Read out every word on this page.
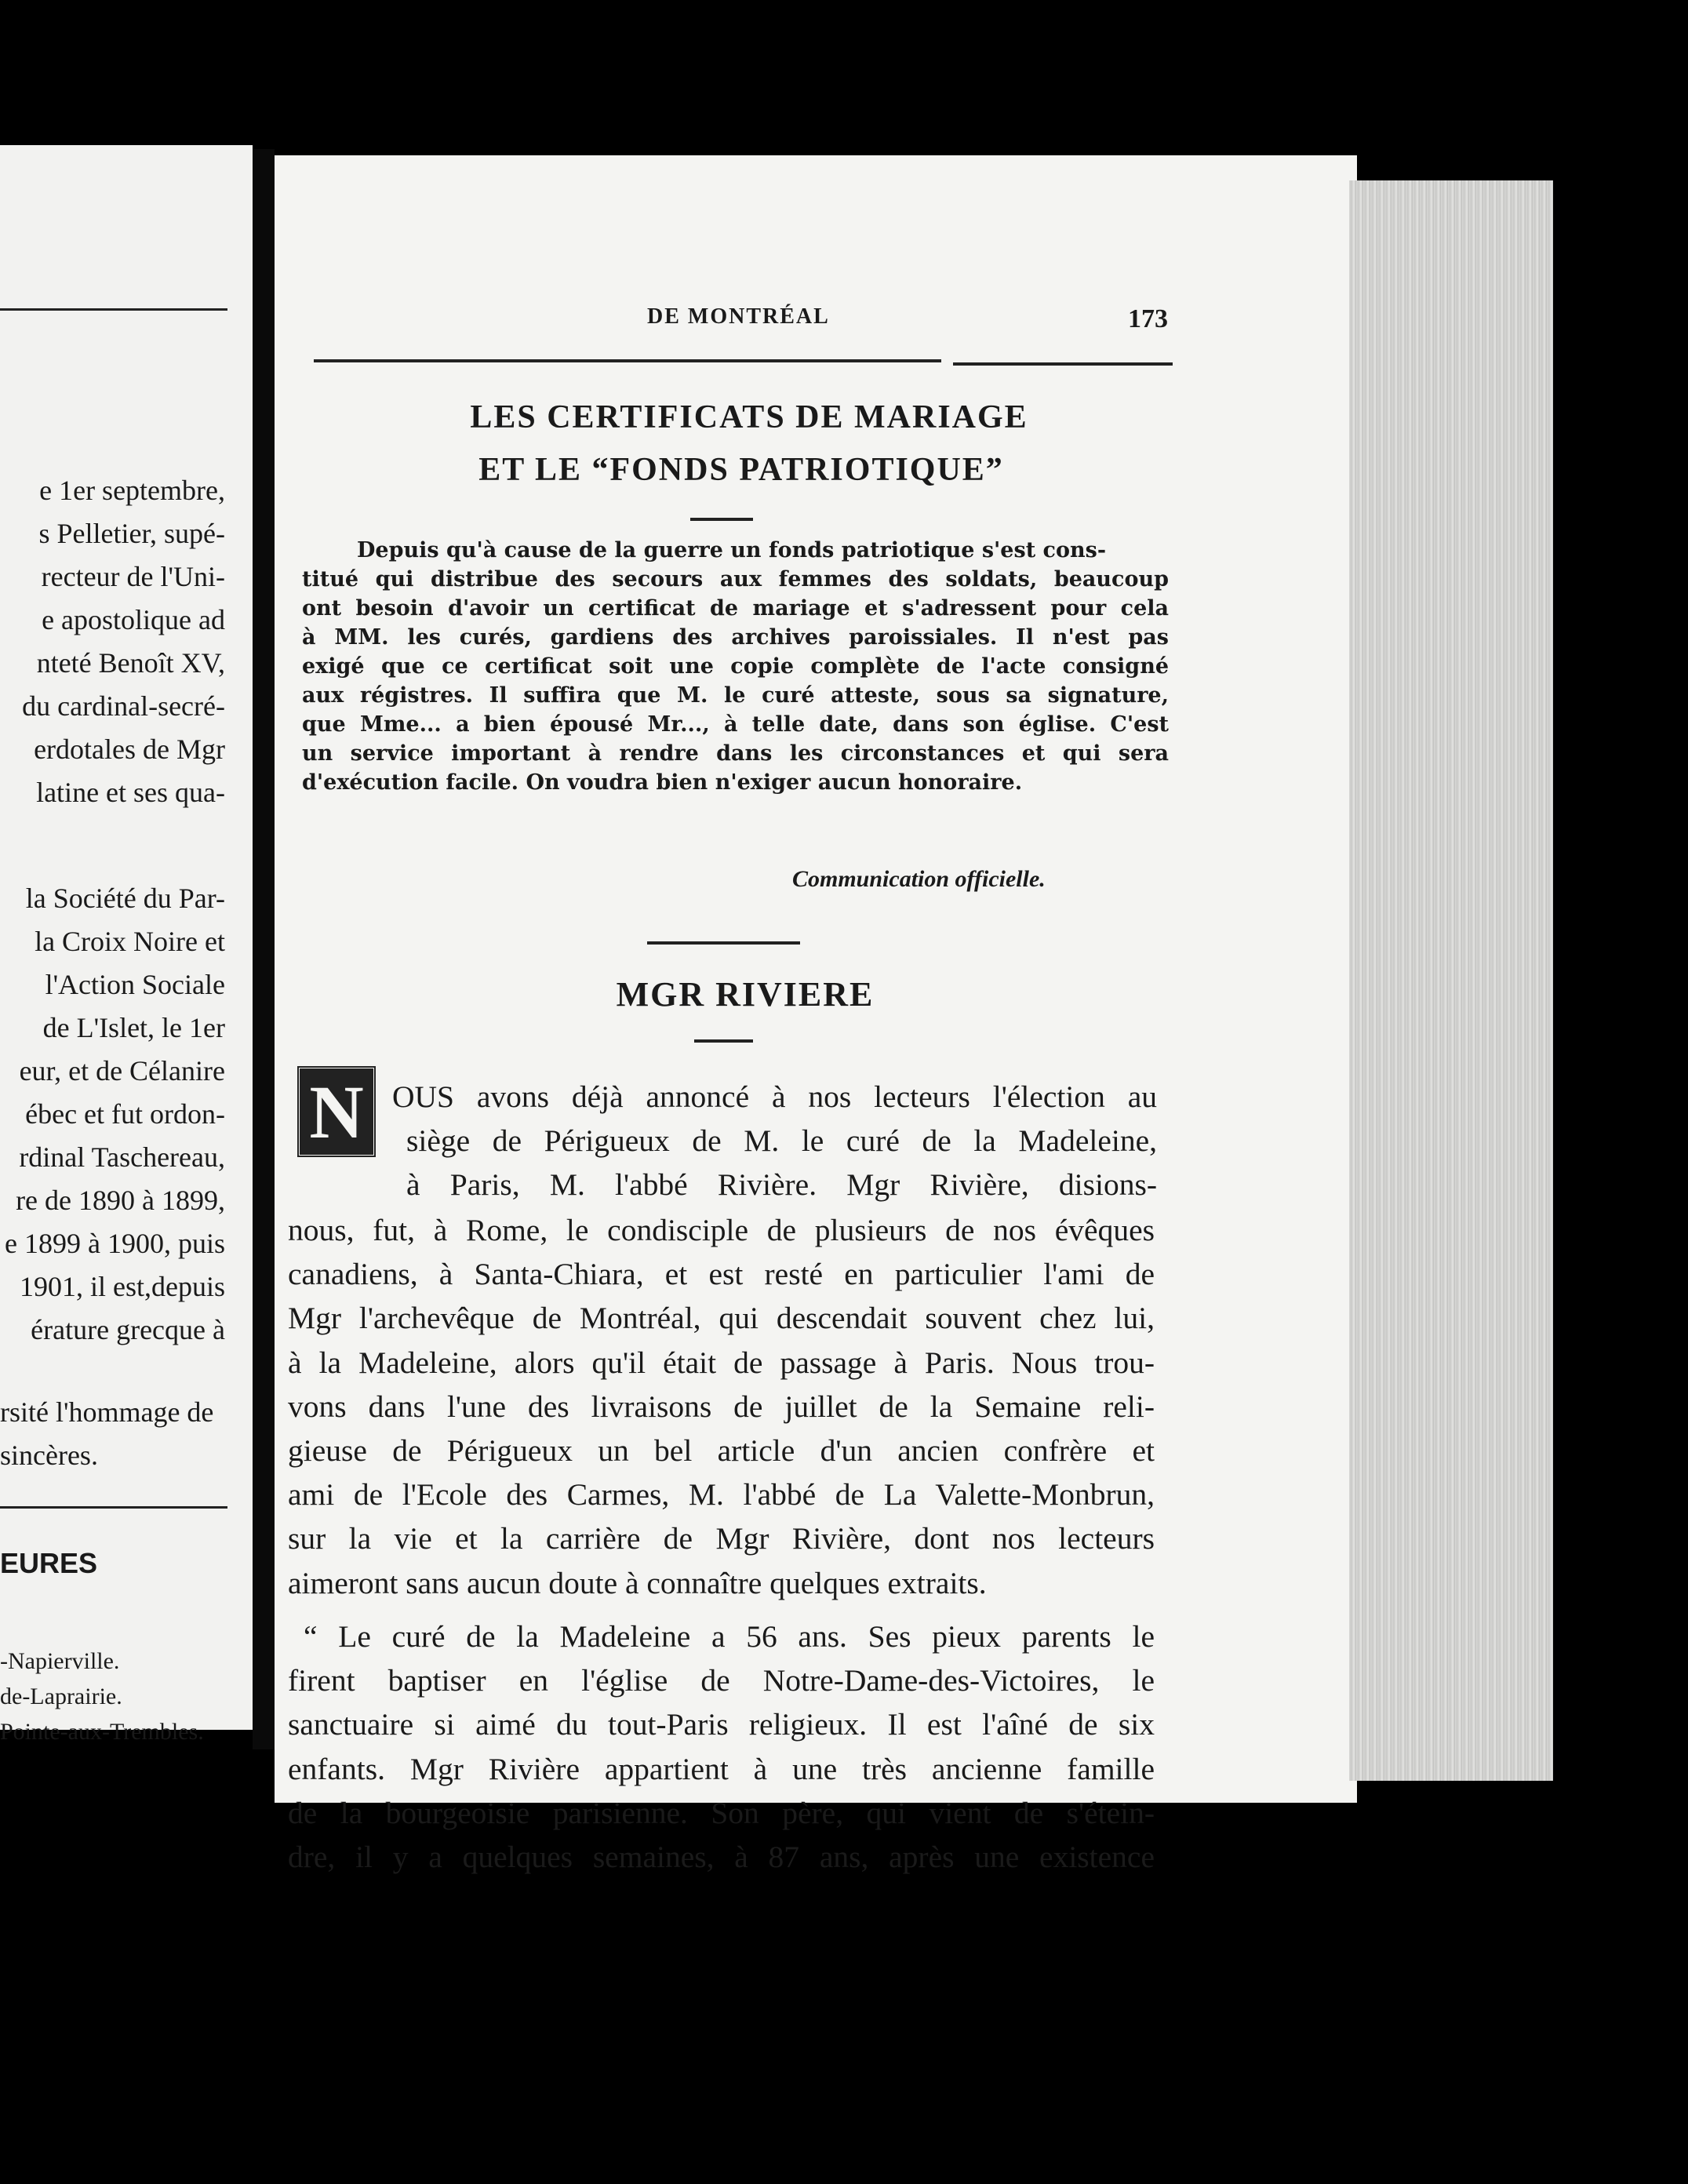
e 1er septembre,
s Pelletier, supé-
recteur de l'Uni-
e apostolique ad
nteté Benoît XV,
du cardinal-secré-
erdotales de Mgr
latine et ses qua-
la Société du Par-
la Croix Noire et
l'Action Sociale
de L'Islet, le 1er
eur, et de Célanire
ébec et fut ordon-
rdinal Taschereau,
re de 1890 à 1899,
e 1899 à 1900, puis
1901, il est,depuis
érature grecque à
rsité l'hommage de
sincères.
EURES
-Napierville.
de-Laprairie.
Pointe-aux-Trembles.
DE MONTRÉAL	173
LES CERTIFICATS DE MARIAGE
ET LE “FONDS PATRIOTIQUE”
Depuis qu'à cause de la guerre un fonds patriotique s'est cons-
titué qui distribue des secours aux femmes des soldats, beaucoup
ont besoin d'avoir un certificat de mariage et s'adressent pour cela
à MM. les curés, gardiens des archives paroissiales. Il n'est pas
exigé que ce certificat soit une copie complète de l'acte consigné
aux régistres. Il suffira que M. le curé atteste, sous sa signature,
que Mme... a bien épousé Mr..., à telle date, dans son église. C'est
un service important à rendre dans les circonstances et qui sera
d'exécution facile. On voudra bien n'exiger aucun honoraire.
Communication officielle.
MGR RIVIERE
N OUS avons déjà annoncé à nos lecteurs l'élection au
siège de Périgueux de M. le curé de la Madeleine,
à Paris, M. l'abbé Rivière. Mgr Rivière, disions-
nous, fut, à Rome, le condisciple de plusieurs de nos évêques
canadiens, à Santa-Chiara, et est resté en particulier l'ami de
Mgr l'archevêque de Montréal, qui descendait souvent chez lui,
à la Madeleine, alors qu'il était de passage à Paris. Nous trou-
vons dans l'une des livraisons de juillet de la Semaine reli-
gieuse de Périgueux un bel article d'un ancien confrère et
ami de l'Ecole des Carmes, M. l'abbé de La Valette-Monbrun,
sur la vie et la carrière de Mgr Rivière, dont nos lecteurs
aimeront sans aucun doute à connaître quelques extraits.
“ Le curé de la Madeleine a 56 ans. Ses pieux parents le
firent baptiser en l'église de Notre-Dame-des-Victoires, le
sanctuaire si aimé du tout-Paris religieux. Il est l'aîné de six
enfants. Mgr Rivière appartient à une très ancienne famille
de la bourgeoisie parisienne. Son père, qui vient de s'étein-
dre, il y a quelques semaines, à 87 ans, après une existence
